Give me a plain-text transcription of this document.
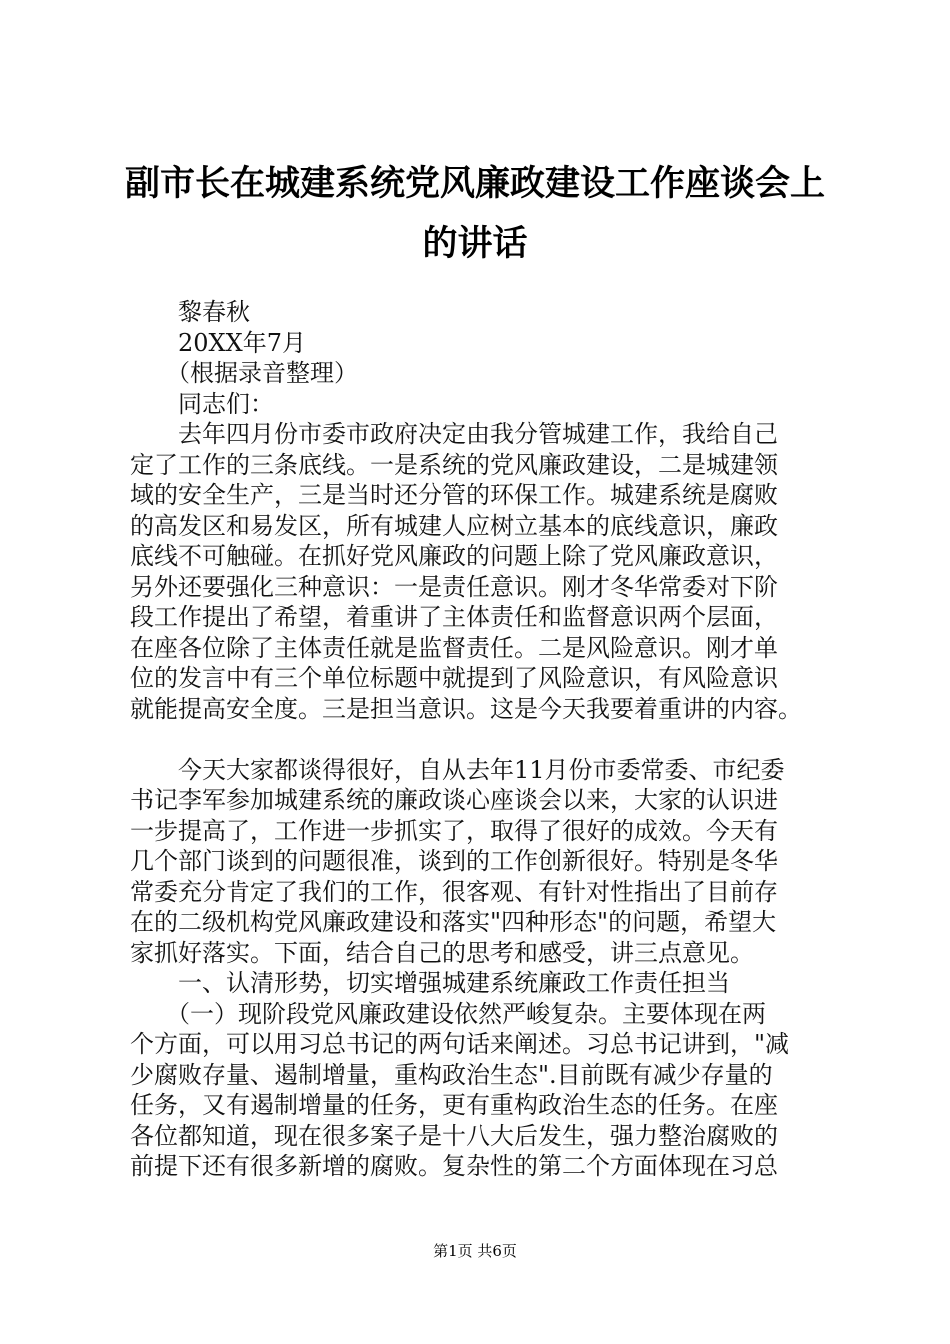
副市长在城建系统党风廉政建设工作座谈会上
的讲话
黎春秋
20XX年7月
（根据录音整理）
同志们：
去年四月份市委市政府决定由我分管城建工作，我给自己
定了工作的三条底线。一是系统的党风廉政建设，二是城建领
域的安全生产，三是当时还分管的环保工作。城建系统是腐败
的高发区和易发区，所有城建人应树立基本的底线意识，廉政
底线不可触碰。在抓好党风廉政的问题上除了党风廉政意识，
另外还要强化三种意识：一是责任意识。刚才冬华常委对下阶
段工作提出了希望，着重讲了主体责任和监督意识两个层面，
在座各位除了主体责任就是监督责任。二是风险意识。刚才单
位的发言中有三个单位标题中就提到了风险意识，有风险意识
就能提高安全度。三是担当意识。这是今天我要着重讲的内容。
今天大家都谈得很好，自从去年11月份市委常委、市纪委
书记李军参加城建系统的廉政谈心座谈会以来，大家的认识进
一步提高了，工作进一步抓实了，取得了很好的成效。今天有
几个部门谈到的问题很准，谈到的工作创新很好。特别是冬华
常委充分肯定了我们的工作，很客观、有针对性指出了目前存
在的二级机构党风廉政建设和落实"四种形态"的问题，希望大
家抓好落实。下面，结合自己的思考和感受，讲三点意见。
一、认清形势，切实增强城建系统廉政工作责任担当
（一）现阶段党风廉政建设依然严峻复杂。主要体现在两
个方面，可以用习总书记的两句话来阐述。习总书记讲到，"减
少腐败存量、遏制增量，重构政治生态".目前既有减少存量的
任务，又有遏制增量的任务，更有重构政治生态的任务。在座
各位都知道，现在很多案子是十八大后发生，强力整治腐败的
前提下还有很多新增的腐败。复杂性的第二个方面体现在习总
第1页 共6页
